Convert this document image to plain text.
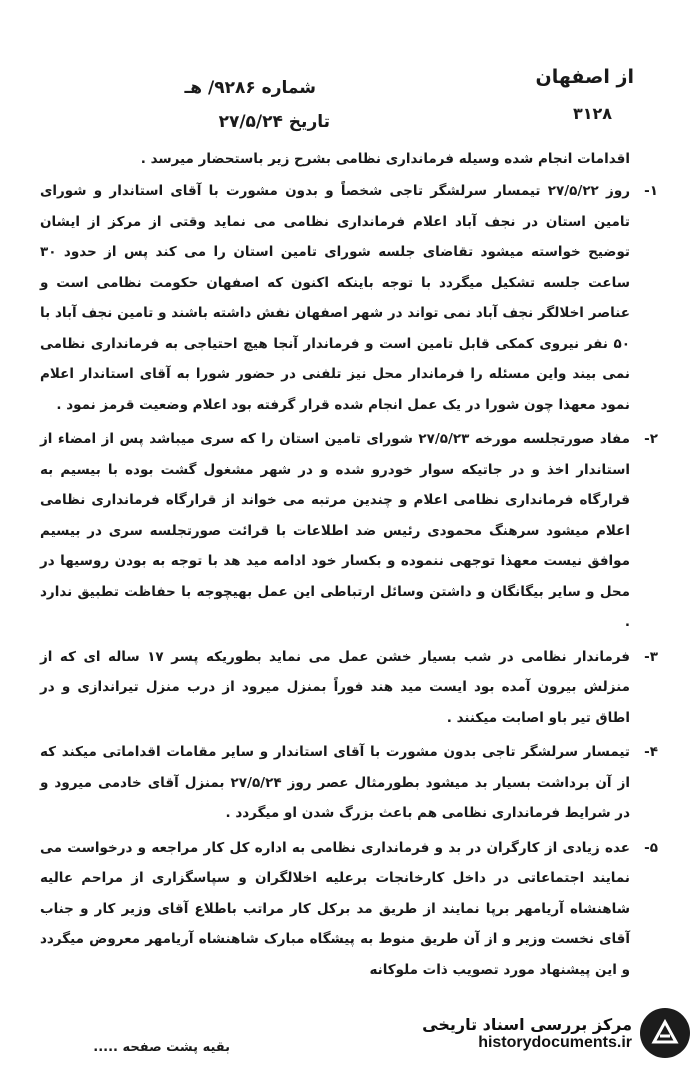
از اصفهان
۳۱۲۸
شماره ۹۲۸۶/ هـ
تاریخ ۲۷/۵/۲۴
اقدامات انجام شده وسیله فرمانداری نظامی بشرح زیر باستحضار میرسد .
۱-
روز ۲۷/۵/۲۲ تیمسار سرلشگر تاجی شخصاً و بدون مشورت با آقای استاندار و شورای تامین استان در نجف آباد اعلام فرمانداری نظامی می نماید وقتی از مرکز از ایشان توضیح خواسته میشود تقاضای جلسه شورای تامین استان را می کند پس از حدود ۳۰ ساعت جلسه تشکیل میگردد با توجه باینکه اکنون که اصفهان حکومت نظامی است و عناصر اخلالگر نجف آباد نمی تواند در شهر اصفهان نفش داشته باشند و تامین نجف آباد با ۵۰ نفر نیروی کمکی قابل تامین است و فرماندار آنجا هیچ احتیاجی به فرمانداری نظامی نمی بیند واین مسئله را فرماندار محل نیز تلفنی در حضور شورا به آقای استاندار اعلام نمود معهذا چون شورا در یک عمل انجام شده قرار گرفته بود اعلام وضعیت قرمز نمود .
۲-
مفاد صورتجلسه مورخه ۲۷/۵/۲۳ شورای تامین استان را که سری میباشد پس از امضاء از استاندار اخذ و در جاتیکه سوار خودرو شده و در شهر مشغول گشت بوده با بیسیم به قرارگاه فرمانداری نظامی اعلام و چندین مرتبه می خواند از قرارگاه فرمانداری نظامی اعلام میشود سرهنگ محمودی رئیس ضد اطلاعات با قرائت صورتجلسه سری در بیسیم موافق نیست معهذا توجهی ننموده و بکسار خود ادامه مید هد با توجه به بودن روسیها در محل و سایر بیگانگان و داشتن وسائل ارتباطی این عمل بهیچوجه با حفاظت تطبیق ندارد .
۳-
فرماندار نظامی در شب بسیار خشن عمل می نماید بطوریکه پسر ۱۷ ساله ای که از منزلش بیرون آمده بود ایست مید هند فوراً بمنزل میرود از درب منزل تیراندازی و در اطاق تیر باو اصابت میکنند .
۴-
تیمسار سرلشگر تاجی بدون مشورت با آقای استاندار و سایر مقامات اقداماتی میکند که از آن برداشت بسیار بد میشود بطورمثال عصر روز ۲۷/۵/۲۴ بمنزل آقای خادمی میرود و در شرایط فرمانداری نظامی هم باعث بزرگ شدن او میگردد .
۵-
عده زیادی از کارگران در بد و فرمانداری نظامی به اداره کل کار مراجعه و درخواست می نمایند اجتماعاتی در داخل کارخانجات برعلیه اخلالگران و سپاسگزاری از مراحم عالیه شاهنشاه آریامهر برپا نمایند از طریق مد برکل کار مراتب باطلاع آقای وزیر کار و جناب آقای نخست وزیر و از آن طریق منوط به پیشگاه مبارک شاهنشاه آریامهر معروض میگردد و این پیشنهاد مورد تصویب ذات ملوکانه
بقیه پشت صفحه .....
مرکز بررسی اسناد تاریخی
historydocuments.ir
